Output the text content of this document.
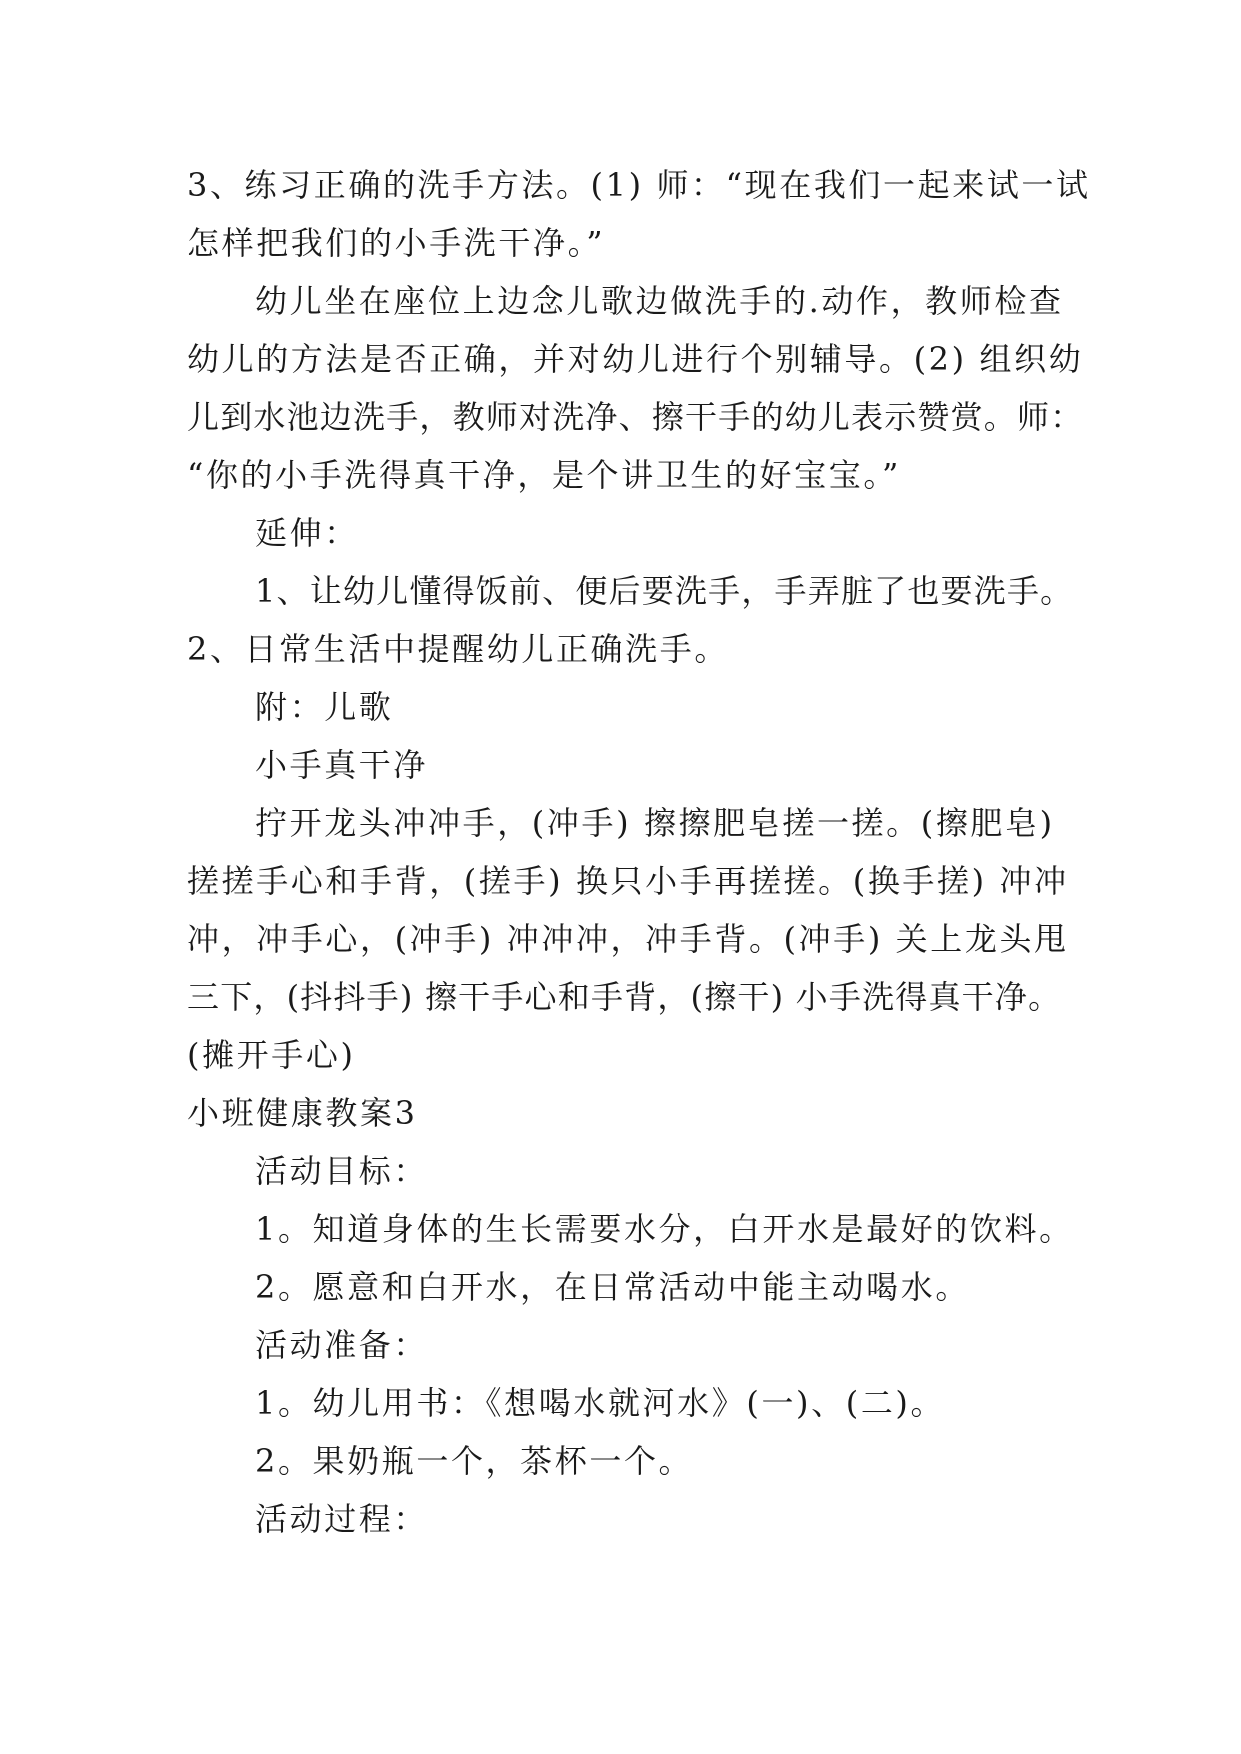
3、练习正确的洗手方法。(1) 师：“现在我们一起来试一试

怎样把我们的小手洗干净。”

幼儿坐在座位上边念儿歌边做洗手的.动作，教师检查

幼儿的方法是否正确，并对幼儿进行个别辅导。(2) 组织幼

儿到水池边洗手，教师对洗净、擦干手的幼儿表示赞赏。师：

“你的小手洗得真干净，是个讲卫生的好宝宝。”

延伸：

1、让幼儿懂得饭前、便后要洗手，手弄脏了也要洗手。

2、日常生活中提醒幼儿正确洗手。

附：儿歌

小手真干净

拧开龙头冲冲手，(冲手) 擦擦肥皂搓一搓。(擦肥皂)

搓搓手心和手背，(搓手) 换只小手再搓搓。(换手搓) 冲冲

冲，冲手心，(冲手) 冲冲冲，冲手背。(冲手) 关上龙头甩

三下，(抖抖手) 擦干手心和手背，(擦干) 小手洗得真干净。

(摊开手心)

小班健康教案3

活动目标：

1。知道身体的生长需要水分，白开水是最好的饮料。

2。愿意和白开水，在日常活动中能主动喝水。

活动准备：

1。幼儿用书：《想喝水就河水》(一)、(二)。

2。果奶瓶一个，茶杯一个。

活动过程：
